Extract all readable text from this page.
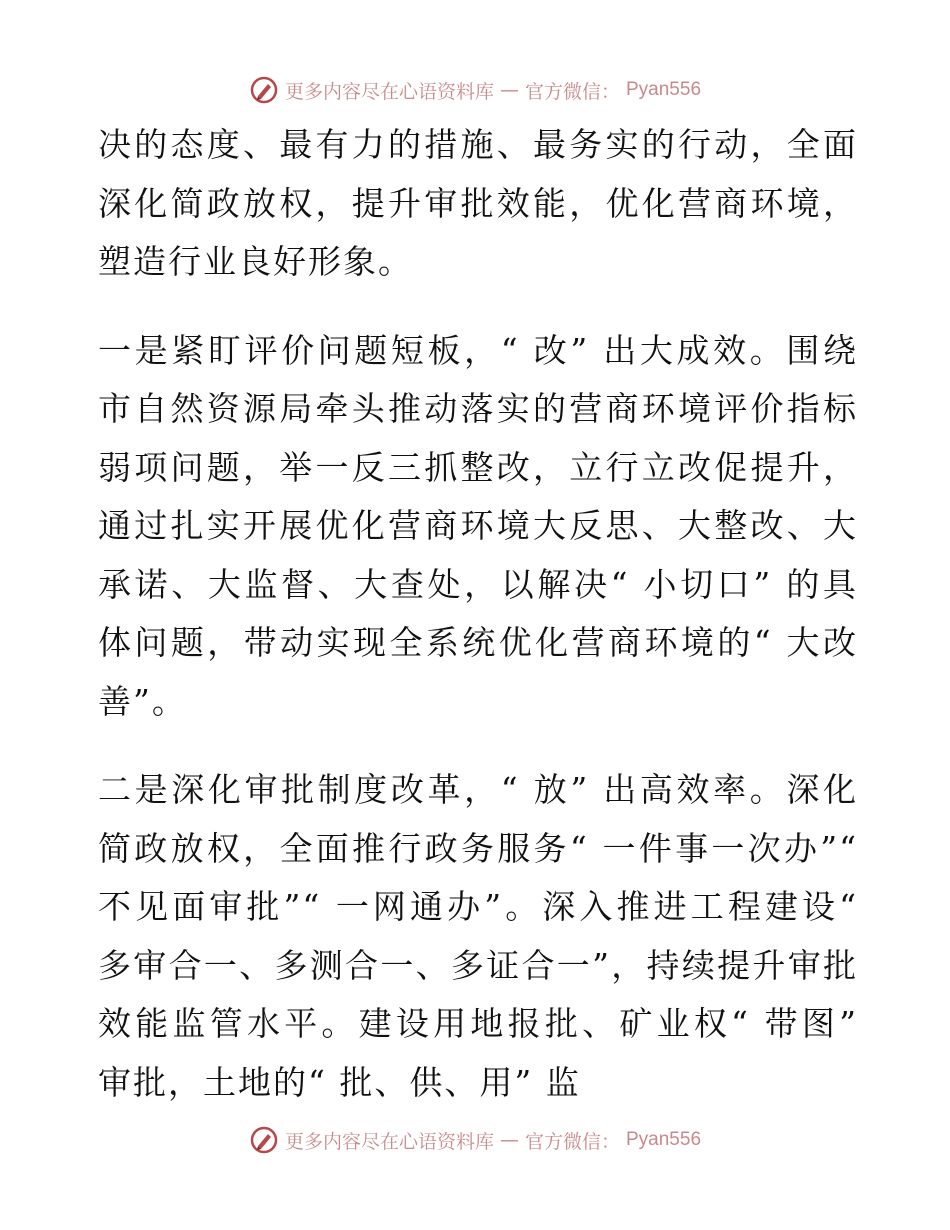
更多内容尽在心语资料库 — 官方微信： Pyan556

决的态度、最有力的措施、最务实的行动，全面深化简政放权，提升审批效能，优化营商环境，塑造行业良好形象。

一是紧盯评价问题短板，“ 改” 出大成效。围绕市自然资源局牵头推动落实的营商环境评价指标弱项问题，举一反三抓整改，立行立改促提升，通过扎实开展优化营商环境大反思、大整改、大承诺、大监督、大查处，以解决“ 小切口” 的具体问题，带动实现全系统优化营商环境的“ 大改善”。

二是深化审批制度改革，“ 放” 出高效率。深化简政放权，全面推行政务服务“ 一件事一次办”“ 不见面审批”“ 一网通办”。深入推进工程建设“ 多审合一、多测合一、多证合一”，持续提升审批效能监管水平。建设用地报批、矿业权“ 带图” 审批，土地的“ 批、供、用” 监

更多内容尽在心语资料库 — 官方微信： Pyan556
